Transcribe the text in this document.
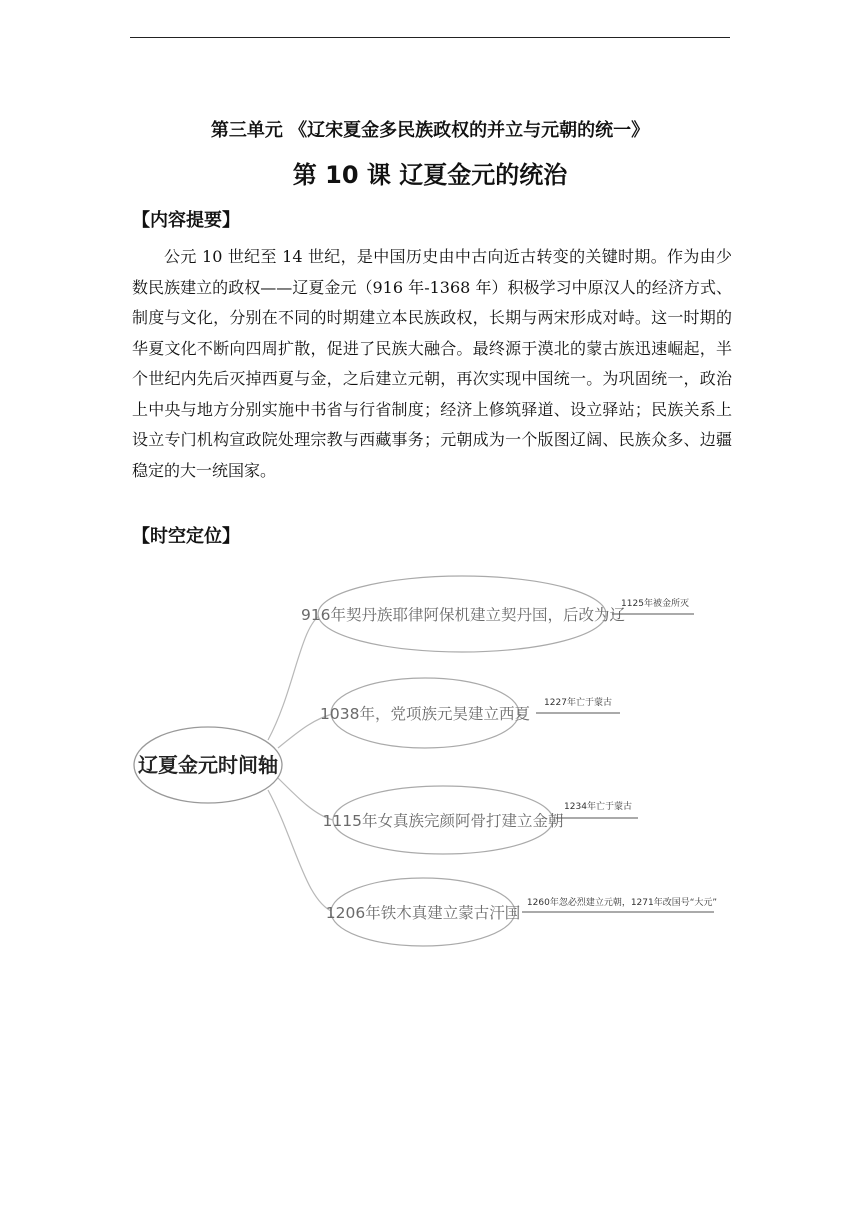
第三单元 《辽宋夏金多民族政权的并立与元朝的统一》
第 10 课 辽夏金元的统治
【内容提要】

公元 10 世纪至 14 世纪，是中国历史由中古向近古转变的关键时期。作为由少数民族建立的政权——辽夏金元（916 年-1368 年）积极学习中原汉人的经济方式、制度与文化，分别在不同的时期建立本民族政权，长期与两宋形成对峙。这一时期的华夏文化不断向四周扩散，促进了民族大融合。最终源于漠北的蒙古族迅速崛起，半个世纪内先后灭掉西夏与金，之后建立元朝，再次实现中国统一。为巩固统一，政治上中央与地方分别实施中书省与行省制度；经济上修筑驿道、设立驿站；民族关系上设立专门机构宣政院处理宗教与西藏事务；元朝成为一个版图辽阔、民族众多、边疆稳定的大一统国家。

【时空定位】
辽夏金元时间轴
916年契丹族耶律阿保机建立契丹国，后改为辽
1125年被金所灭
1038年，党项族元昊建立西夏
1227年亡于蒙古
1115年女真族完颜阿骨打建立金朝
1234年亡于蒙古
1206年铁木真建立蒙古汗国
1260年忽必烈建立元朝，1271年改国号“大元”
